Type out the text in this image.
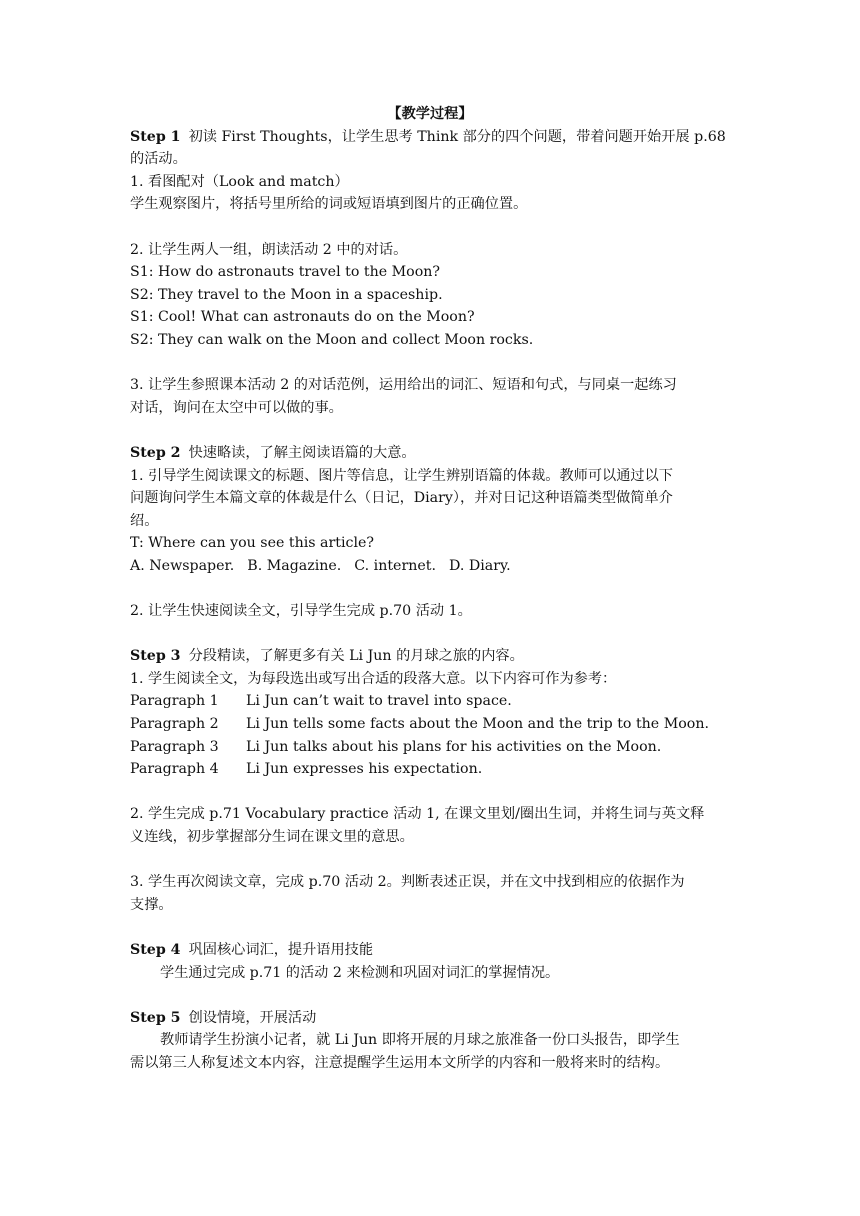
【教学过程】
Step 1 初读 First Thoughts，让学生思考 Think 部分的四个问题，带着问题开始开展 p.68
的活动。
1. 看图配对（Look and match）
学生观察图片，将括号里所给的词或短语填到图片的正确位置。
2. 让学生两人一组，朗读活动 2 中的对话。
S1: How do astronauts travel to the Moon?
S2: They travel to the Moon in a spaceship.
S1: Cool! What can astronauts do on the Moon?
S2: They can walk on the Moon and collect Moon rocks.
3. 让学生参照课本活动 2 的对话范例，运用给出的词汇、短语和句式，与同桌一起练习
对话，询问在太空中可以做的事。
Step 2 快速略读，了解主阅读语篇的大意。
1. 引导学生阅读课文的标题、图片等信息，让学生辨别语篇的体裁。教师可以通过以下
问题询问学生本篇文章的体裁是什么（日记，Diary），并对日记这种语篇类型做简单介
绍。
T: Where can you see this article?
A. Newspaper. B. Magazine. C. internet. D. Diary.
2. 让学生快速阅读全文，引导学生完成 p.70 活动 1。
Step 3 分段精读，了解更多有关 Li Jun 的月球之旅的内容。
1. 学生阅读全文，为每段选出或写出合适的段落大意。以下内容可作为参考：
Paragraph 1 Li Jun can’t wait to travel into space.
Paragraph 2 Li Jun tells some facts about the Moon and the trip to the Moon.
Paragraph 3 Li Jun talks about his plans for his activities on the Moon.
Paragraph 4 Li Jun expresses his expectation.
2. 学生完成 p.71 Vocabulary practice 活动 1, 在课文里划/圈出生词，并将生词与英文释
义连线，初步掌握部分生词在课文里的意思。
3. 学生再次阅读文章，完成 p.70 活动 2。判断表述正误，并在文中找到相应的依据作为
支撑。
Step 4 巩固核心词汇，提升语用技能
学生通过完成 p.71 的活动 2 来检测和巩固对词汇的掌握情况。
Step 5 创设情境，开展活动
教师请学生扮演小记者，就 Li Jun 即将开展的月球之旅准备一份口头报告，即学生
需以第三人称复述文本内容，注意提醒学生运用本文所学的内容和一般将来时的结构。
